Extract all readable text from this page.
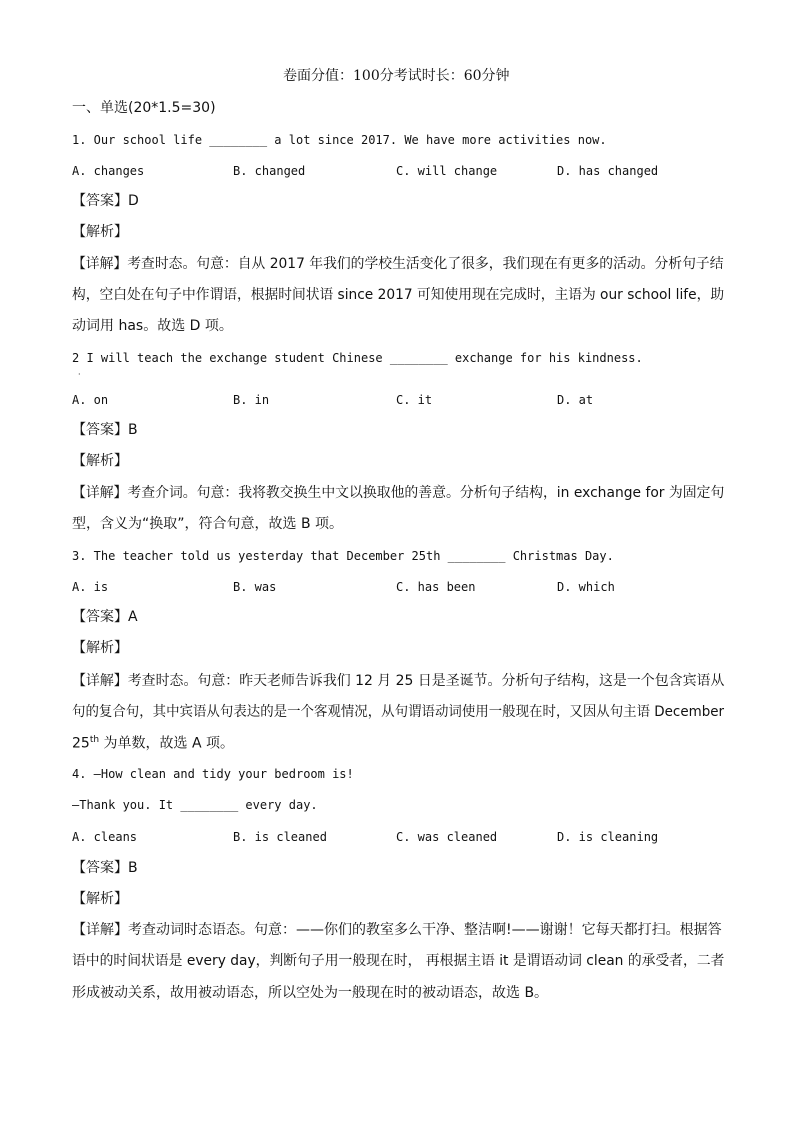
卷面分值：100分考试时长：60分钟
一、单选(20*1.5=30)
1. Our school life ________ a lot since 2017. We have more activities now.
A. changes	B. changed	C. will change	D. has changed
【答案】D
【解析】
【详解】考查时态。句意：自从 2017 年我们的学校生活变化了很多，我们现在有更多的活动。分析句子结
构，空白处在句子中作谓语，根据时间状语 since 2017 可知使用现在完成时，主语为 our school life，助
动词用 has。故选 D 项。
2 I will teach the exchange student Chinese ________ exchange for his kindness.
·
A. on	B. in	C. it	D. at
【答案】B
【解析】
【详解】考查介词。句意：我将教交换生中文以换取他的善意。分析句子结构，in exchange for 为固定句
型，含义为“换取”，符合句意，故选 B 项。
3. The teacher told us yesterday that December 25th ________ Christmas Day.
A. is	B. was	C. has been	D. which
【答案】A
【解析】
【详解】考查时态。句意：昨天老师告诉我们 12 月 25 日是圣诞节。分析句子结构，这是一个包含宾语从
句的复合句，其中宾语从句表达的是一个客观情况，从句谓语动词使用一般现在时，又因从句主语 December
25th 为单数，故选 A 项。
4. —How clean and tidy your bedroom is!
—Thank you. It ________ every day.
A. cleans	B. is cleaned	C. was cleaned	D. is cleaning
【答案】B
【解析】
【详解】考查动词时态语态。句意：——你们的教室多么干净、整洁啊!——谢谢！它每天都打扫。根据答
语中的时间状语是 every day，判断句子用一般现在时， 再根据主语 it 是谓语动词 clean 的承受者，二者
形成被动关系，故用被动语态，所以空处为一般现在时的被动语态，故选 B。
